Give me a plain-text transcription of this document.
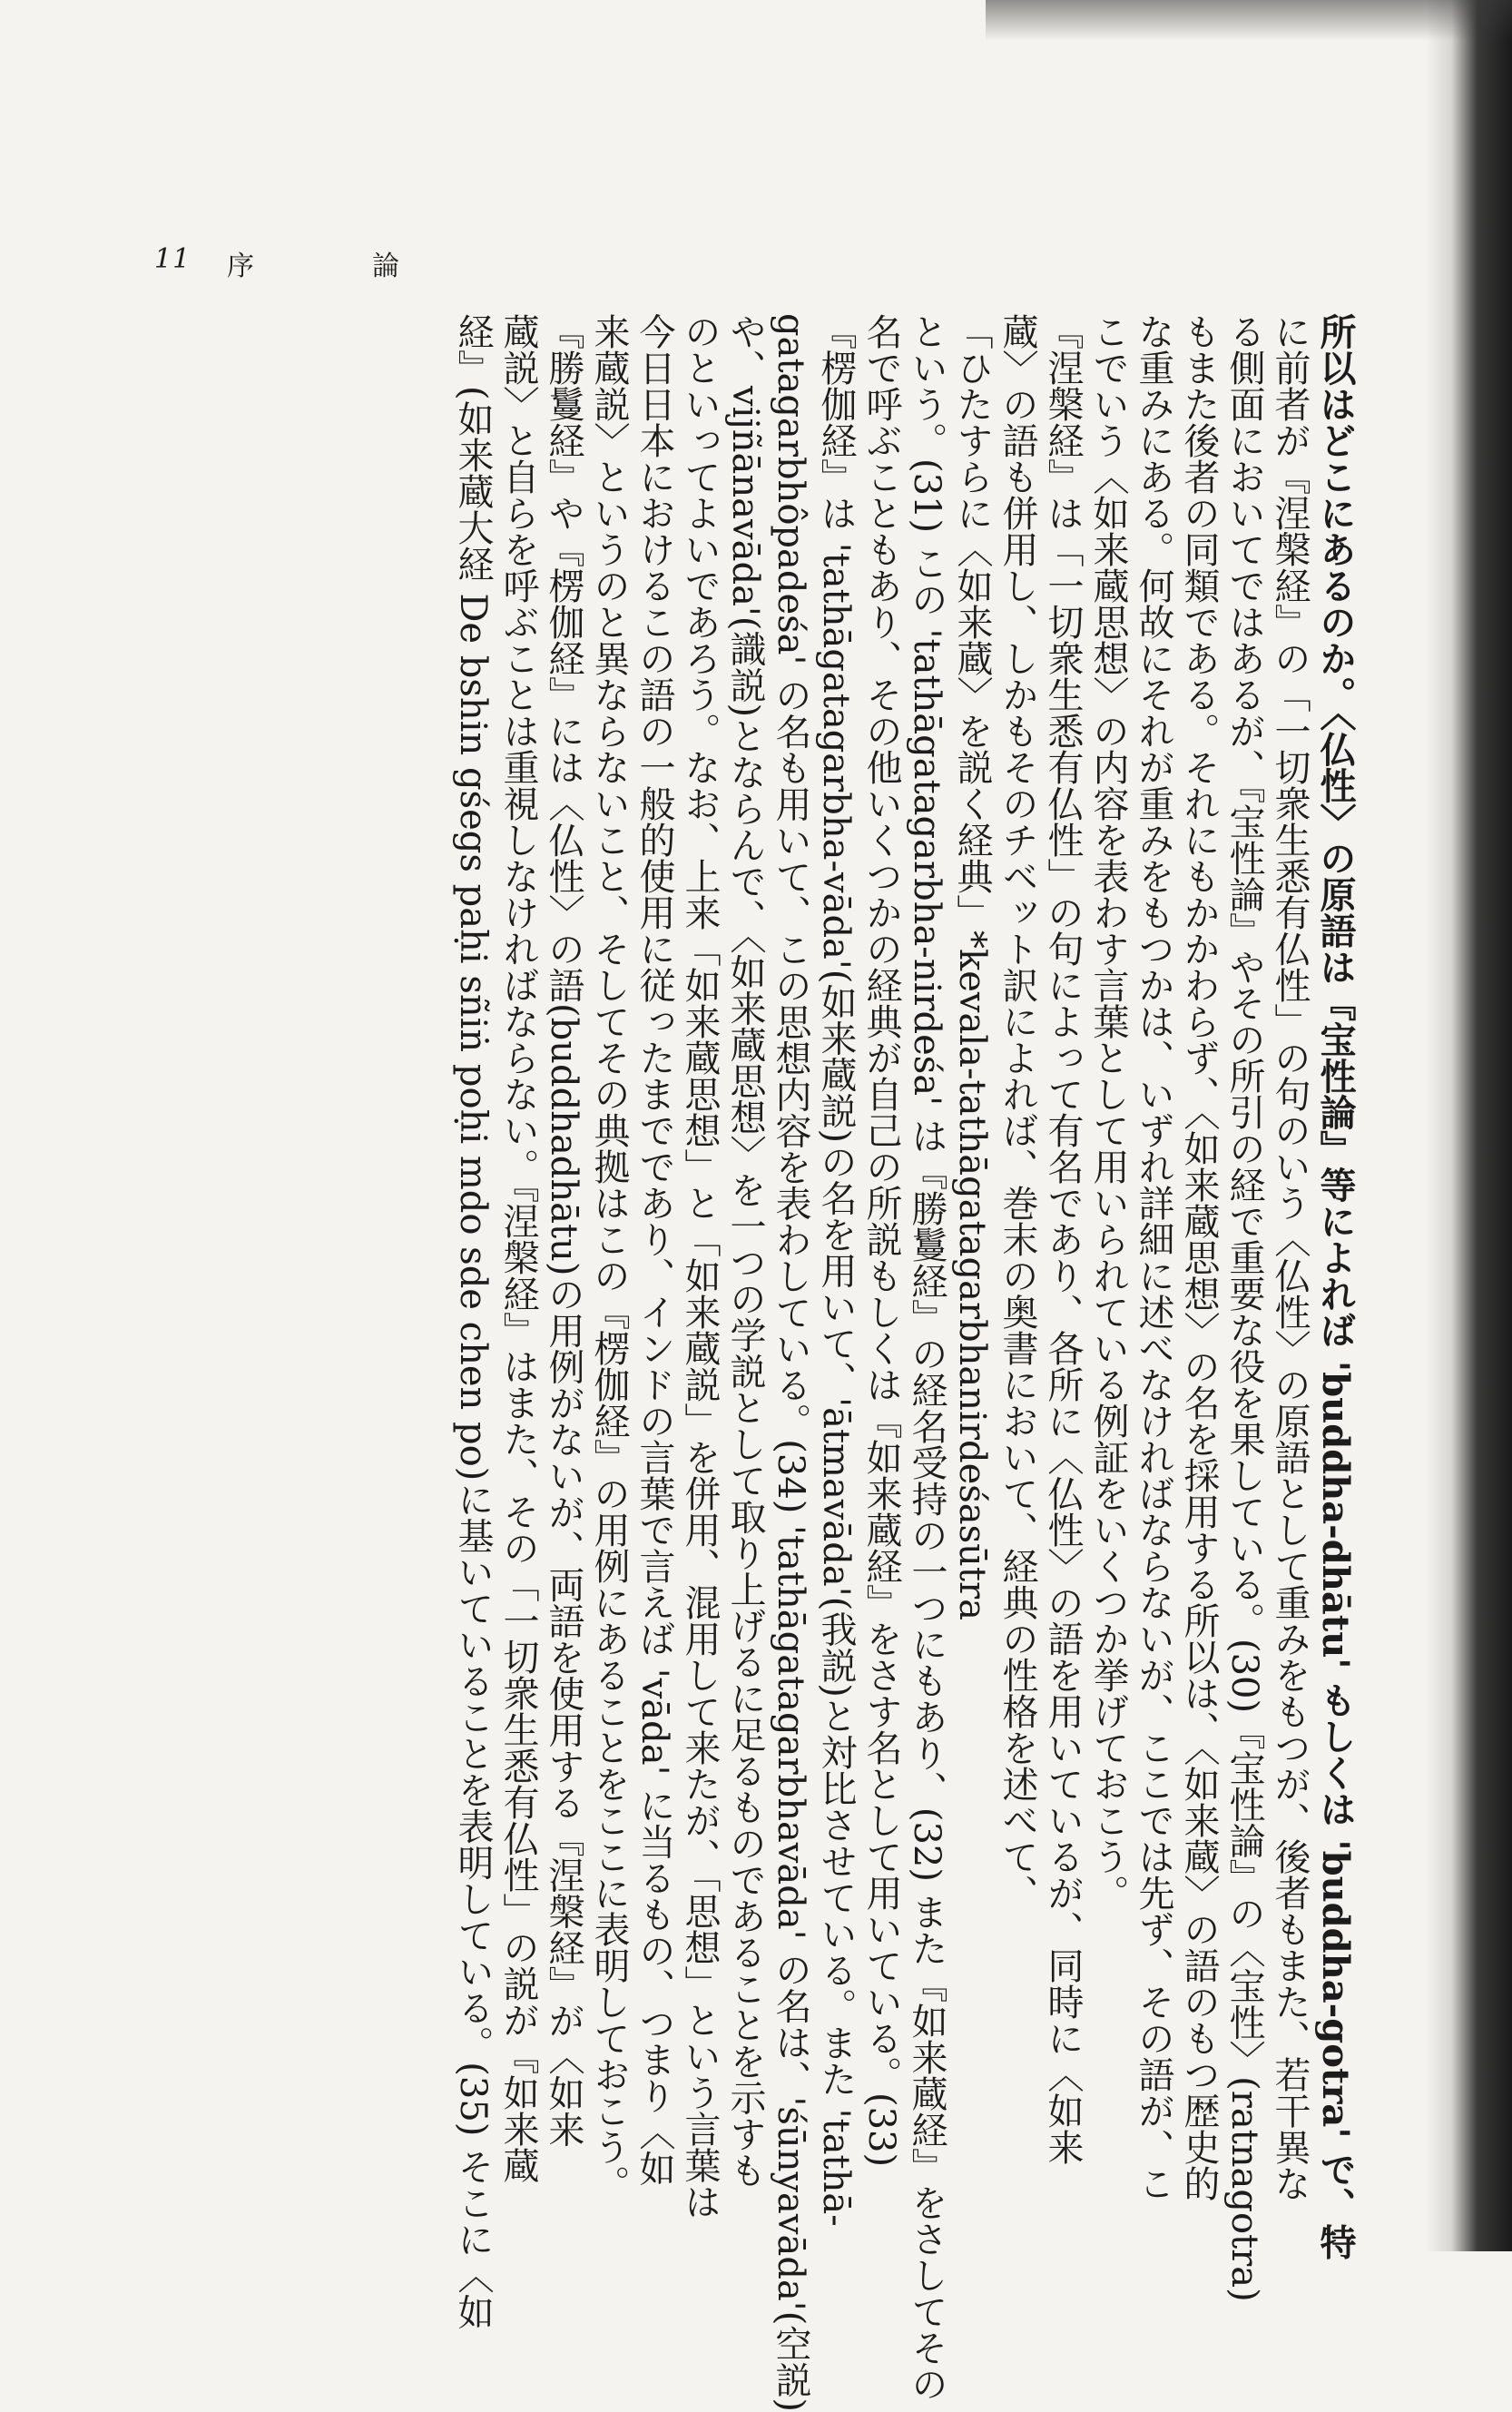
11 序	論
所以はどこにあるのか。〈仏性〉の原語は『宝性論』等によれば 'buddha-dhātu' もしくは 'buddha-gotra' で、特
に前者が『涅槃経』の「一切衆生悉有仏性」の句のいう〈仏性〉の原語として重みをもつが、後者もまた、若干異な
る側面においてではあるが、『宝性論』やその所引の経で重要な役を果している。(30)『宝性論』の〈宝性〉(ratnagotra)
もまた後者の同類である。それにもかかわらず、〈如来蔵思想〉の名を採用する所以は、〈如来蔵〉の語のもつ歴史的
な重みにある。何故にそれが重みをもつかは、いずれ詳細に述べなければならないが、ここでは先ず、その語が、こ
こでいう〈如来蔵思想〉の内容を表わす言葉として用いられている例証をいくつか挙げておこう。
『涅槃経』は「一切衆生悉有仏性」の句によって有名であり、各所に〈仏性〉の語を用いているが、同時に〈如来
蔵〉の語も併用し、しかもそのチベット訳によれば、巻末の奥書において、経典の性格を述べて、
「ひたすらに〈如来蔵〉を説く経典」*kevala-tathāgatagarbhanirdeśasūtra
という。(31) この 'tathāgatagarbha-nirdeśa' は『勝鬘経』の経名受持の一つにもあり、(32) また『如来蔵経』をさしてその
名で呼ぶこともあり、その他いくつかの経典が自己の所説もしくは『如来蔵経』をさす名として用いている。(33)
『楞伽経』は 'tathāgatagarbha-vāda'(如来蔵説)の名を用いて、'ātmavāda'(我説)と対比させている。また 'tathā-
gatagarbhôpadeśa' の名も用いて、この思想内容を表わしている。(34) 'tathāgatagarbhavāda' の名は、'śūnyavāda'(空説)
や、vijñānavāda'(識説)とならんで、〈如来蔵思想〉を一つの学説として取り上げるに足るものであることを示すも
のといってよいであろう。なお、上来「如来蔵思想」と「如来蔵説」を併用、混用して来たが、「思想」という言葉は
今日日本におけるこの語の一般的使用に従ったまでであり、インドの言葉で言えば 'vāda' に当るもの、つまり〈如
来蔵説〉というのと異ならないこと、そしてその典拠はこの『楞伽経』の用例にあることをここに表明しておこう。
『勝鬘経』や『楞伽経』には〈仏性〉の語(buddhadhātu)の用例がないが、両語を使用する『涅槃経』が〈如来
蔵説〉と自らを呼ぶことは重視しなければならない。『涅槃経』はまた、その「一切衆生悉有仏性」の説が『如来蔵
経』(如来蔵大経 De bshin gśegs paḥi sñiṅ poḥi mdo sde chen po)に基いていることを表明している。(35) そこに〈如
